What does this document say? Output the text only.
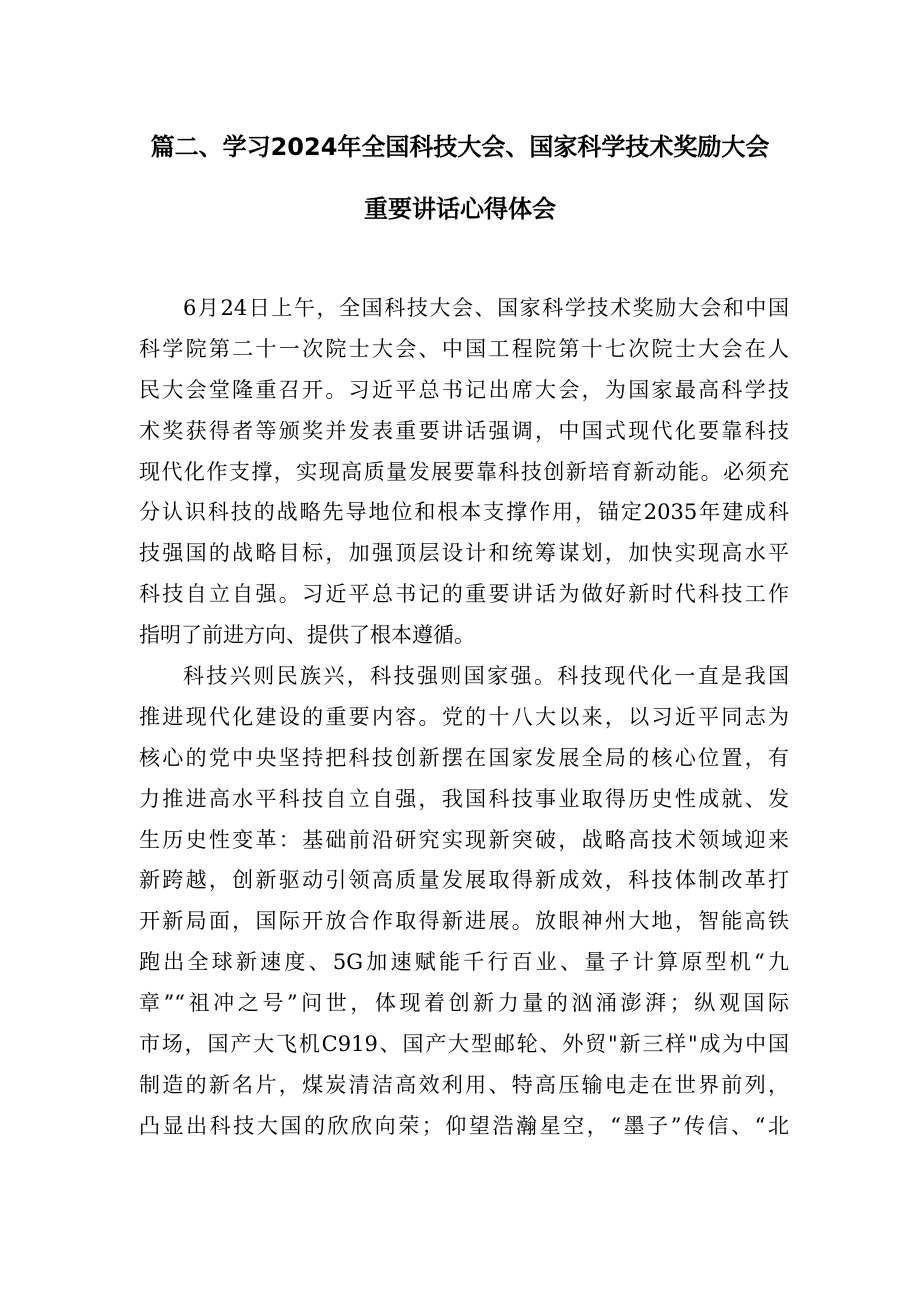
篇二、学习2024年全国科技大会、国家科学技术奖励大会
重要讲话心得体会
6月24日上午，全国科技大会、国家科学技术奖励大会和中国
科学院第二十一次院士大会、中国工程院第十七次院士大会在人
民大会堂隆重召开。习近平总书记出席大会，为国家最高科学技
术奖获得者等颁奖并发表重要讲话强调，中国式现代化要靠科技
现代化作支撑，实现高质量发展要靠科技创新培育新动能。必须充
分认识科技的战略先导地位和根本支撑作用，锚定2035年建成科
技强国的战略目标，加强顶层设计和统筹谋划，加快实现高水平
科技自立自强。习近平总书记的重要讲话为做好新时代科技工作
指明了前进方向、提供了根本遵循。
科技兴则民族兴，科技强则国家强。科技现代化一直是我国
推进现代化建设的重要内容。党的十八大以来，以习近平同志为
核心的党中央坚持把科技创新摆在国家发展全局的核心位置，有
力推进高水平科技自立自强，我国科技事业取得历史性成就、发
生历史性变革：基础前沿研究实现新突破，战略高技术领域迎来
新跨越，创新驱动引领高质量发展取得新成效，科技体制改革打
开新局面，国际开放合作取得新进展。放眼神州大地，智能高铁
跑出全球新速度、5G加速赋能千行百业、量子计算原型机“九
章”“祖冲之号”问世，体现着创新力量的汹涌澎湃；纵观国际
市场，国产大飞机C919、国产大型邮轮、外贸"新三样"成为中国
制造的新名片，煤炭清洁高效利用、特高压输电走在世界前列，
凸显出科技大国的欣欣向荣；仰望浩瀚星空，“墨子”传信、“北
